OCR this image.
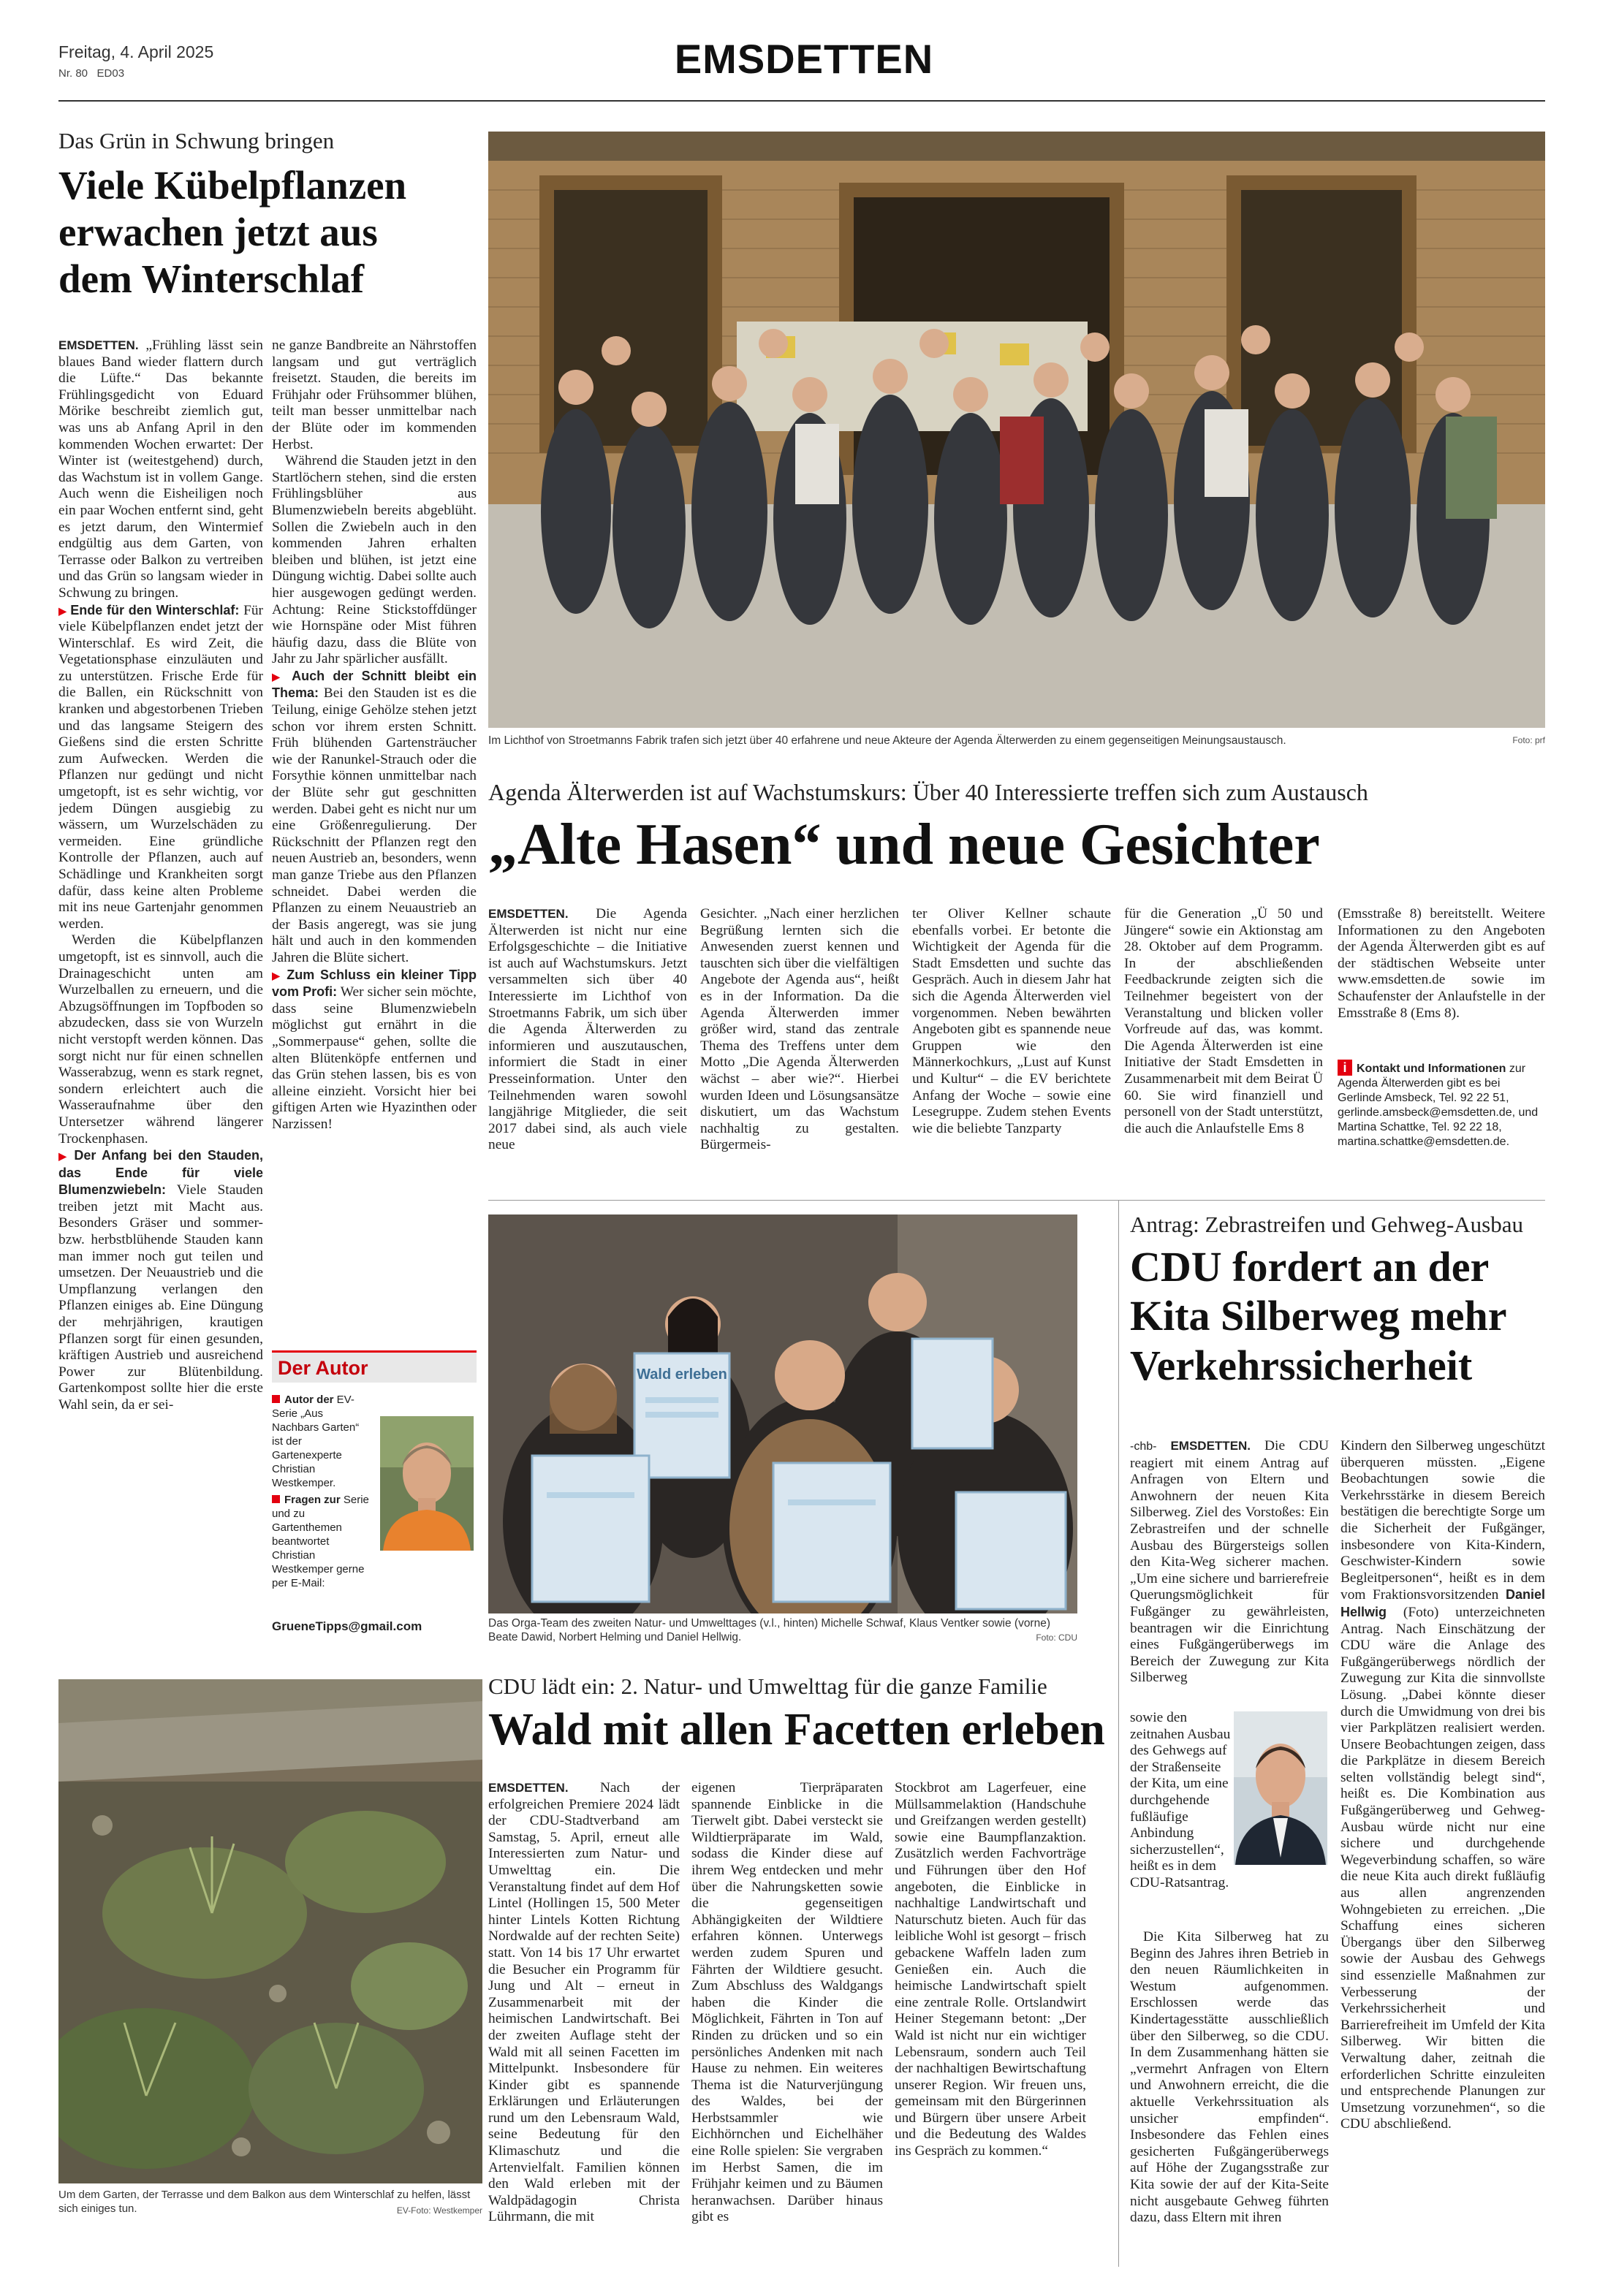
Freitag, 4. April 2025
Nr. 80 ED03	EMSDETTEN
Das Grün in Schwung bringen
Viele Kübelpflanzen
erwachen jetzt aus
dem Winterschlaf

EMSDETTEN. „Frühling lässt sein blaues Band wieder flattern durch die Lüfte.“ Das bekannte Frühlingsgedicht von Eduard Mörike beschreibt ziemlich gut, was uns ab Anfang April in den kommenden Wochen erwartet: Der Winter ist (weitestgehend) durch, das Wachstum ist in vollem Gange. Auch wenn die Eisheiligen noch ein paar Wochen entfernt sind, geht es jetzt darum, den Wintermief endgültig aus dem Garten, von Terrasse oder Balkon zu vertreiben und das Grün so langsam wieder in Schwung zu bringen.

▶ Ende für den Winterschlaf: Für viele Kübelpflanzen endet jetzt der Winterschlaf. Es wird Zeit, die Vegetationsphase einzuläuten und zu unterstützen. Frische Erde für die Ballen, ein Rückschnitt von kranken und abgestorbenen Trieben und das langsame Steigern des Gießens sind die ersten Schritte zum Aufwecken. Werden die Pflanzen nur gedüngt und nicht umgetopft, ist es sehr wichtig, vor jedem Düngen ausgiebig zu wässern, um Wurzelschäden zu vermeiden. Eine gründliche Kontrolle der Pflanzen, auch auf Schädlinge und Krankheiten sorgt dafür, dass keine alten Probleme mit ins neue Gartenjahr genommen werden.

Werden die Kübelpflanzen umgetopft, ist es sinnvoll, auch die Drainageschicht unten am Wurzelballen zu erneuern, und die Abzugsöffnungen im Topfboden so abzudecken, dass sie von Wurzeln nicht verstopft werden können. Das sorgt nicht nur für einen schnellen Wasserabzug, wenn es stark regnet, sondern erleichtert auch die Wasseraufnahme über den Untersetzer während längerer Trockenphasen.

▶ Der Anfang bei den Stauden, das Ende für viele Blumenzwiebeln: Viele Stauden treiben jetzt mit Macht aus. Besonders Gräser und sommer- bzw. herbstblühende Stauden kann man immer noch gut teilen und umsetzen. Der Neuaustrieb und die Umpflanzung verlangen den Pflanzen einiges ab. Eine Düngung der mehrjährigen, krautigen Pflanzen sorgt für einen gesunden, kräftigen Austrieb und ausreichend Power zur Blütenbildung. Gartenkompost sollte hier die erste Wahl sein, da er sei-

ne ganze Bandbreite an Nährstoffen langsam und gut verträglich freisetzt. Stauden, die bereits im Frühjahr oder Frühsommer blühen, teilt man besser unmittelbar nach der Blüte oder im kommenden Herbst.

Während die Stauden jetzt in den Startlöchern stehen, sind die ersten Frühlingsblüher aus Blumenzwiebeln bereits abgeblüht. Sollen die Zwiebeln auch in den kommenden Jahren erhalten bleiben und blühen, ist jetzt eine Düngung wichtig. Dabei sollte auch hier ausgewogen gedüngt werden. Achtung: Reine Stickstoffdünger wie Hornspäne oder Mist führen häufig dazu, dass die Blüte von Jahr zu Jahr spärlicher ausfällt.

▶ Auch der Schnitt bleibt ein Thema: Bei den Stauden ist es die Teilung, einige Gehölze stehen jetzt schon vor ihrem ersten Schnitt. Früh blühenden Gartensträucher wie der Ranunkel-Strauch oder die Forsythie können unmittelbar nach der Blüte sehr gut geschnitten werden. Dabei geht es nicht nur um eine Größenregulierung. Der Rückschnitt der Pflanzen regt den neuen Austrieb an, besonders, wenn man ganze Triebe aus den Pflanzen schneidet. Dabei werden die Pflanzen zu einem Neuaustrieb an der Basis angeregt, was sie jung hält und auch in den kommenden Jahren die Blüte sichert.

▶ Zum Schluss ein kleiner Tipp vom Profi: Wer sicher sein möchte, dass seine Blumenzwiebeln möglichst gut ernährt in die „Sommerpause“ gehen, sollte die alten Blütenköpfe entfernen und das Grün stehen lassen, bis es von alleine einzieht. Vorsicht hier bei giftigen Arten wie Hyazinthen oder Narzissen!

Der Autor
Autor der EV-Serie „Aus Nachbars Garten“ ist der Gartenexperte Christian Westkemper.
Fragen zur Serie und zu Gartenthemen beantwortet Christian Westkemper gerne per E-Mail:
GrueneTipps@gmail.com
Um dem Garten, der Terrasse und dem Balkon aus dem Winterschlaf zu helfen, lässt sich einiges tun.	EV-Foto: Westkemper
Im Lichthof von Stroetmanns Fabrik trafen sich jetzt über 40 erfahrene und neue Akteure der Agenda Älterwerden zu einem gegenseitigen Meinungsaustausch.	Foto: prf
Agenda Älterwerden ist auf Wachstumskurs: Über 40 Interessierte treffen sich zum Austausch
„Alte Hasen“ und neue Gesichter

EMSDETTEN. Die Agenda Älterwerden ist nicht nur eine Erfolgsgeschichte – die Initiative ist auch auf Wachstumskurs. Jetzt versammelten sich über 40 Interessierte im Lichthof von Stroetmanns Fabrik, um sich über die Agenda Älterwerden zu informieren und auszutauschen, informiert die Stadt in einer Presseinformation. Unter den Teilnehmenden waren sowohl langjährige Mitglieder, die seit 2017 dabei sind, als auch viele neue

Gesichter. „Nach einer herzlichen Begrüßung lernten sich die Anwesenden zuerst kennen und tauschten sich über die vielfältigen Angebote der Agenda aus“, heißt es in der Information. Da die Agenda Älterwerden immer größer wird, stand das zentrale Thema des Treffens unter dem Motto „Die Agenda Älterwerden wächst – aber wie?“. Hierbei wurden Ideen und Lösungsansätze diskutiert, um das Wachstum nachhaltig zu gestalten. Bürgermeis-

ter Oliver Kellner schaute ebenfalls vorbei. Er betonte die Wichtigkeit der Agenda für die Stadt Emsdetten und suchte das Gespräch. Auch in diesem Jahr hat sich die Agenda Älterwerden viel vorgenommen. Neben bewährten Angeboten gibt es spannende neue Gruppen wie den Männerkochkurs, „Lust auf Kunst und Kultur“ – die EV berichtete Anfang der Woche – sowie eine Lesegruppe. Zudem stehen Events wie die beliebte Tanzparty

für die Generation „Ü 50 und Jüngere“ sowie ein Aktionstag am 28. Oktober auf dem Programm. In der abschließenden Feedbackrunde zeigten sich die Teilnehmer begeistert von der Veranstaltung und blicken voller Vorfreude auf das, was kommt. Die Agenda Älterwerden ist eine Initiative der Stadt Emsdetten in Zusammenarbeit mit dem Beirat Ü 60. Sie wird finanziell und personell von der Stadt unterstützt, die auch die Anlaufstelle Ems 8

(Emsstraße 8) bereitstellt. Weitere Informationen zu den Angeboten der Agenda Älterwerden gibt es auf der städtischen Webseite unter www.emsdetten.de sowie im Schaufenster der Anlaufstelle in der Emsstraße 8 (Ems 8).

i Kontakt und Informationen zur Agenda Älterwerden gibt es bei Gerlinde Amsbeck, Tel. 92 22 51, gerlinde.amsbeck@emsdetten.de, und Martina Schattke, Tel. 92 22 18, martina.schattke@emsdetten.de.
Wald erleben
Das Orga-Team des zweiten Natur- und Umwelttages (v.l., hinten) Michelle Schwaf, Klaus Ventker sowie (vorne) Beate Dawid, Norbert Helming und Daniel Hellwig.	Foto: CDU
CDU lädt ein: 2. Natur- und Umwelttag für die ganze Familie
Wald mit allen Facetten erleben

EMSDETTEN. Nach der erfolgreichen Premiere 2024 lädt der CDU-Stadtverband am Samstag, 5. April, erneut alle Interessierten zum Natur- und Umwelttag ein. Die Veranstaltung findet auf dem Hof Lintel (Hollingen 15, 500 Meter hinter Lintels Kotten Richtung Nordwalde auf der rechten Seite) statt. Von 14 bis 17 Uhr erwartet die Besucher ein Programm für Jung und Alt – erneut in Zusammenarbeit mit der heimischen Landwirtschaft. Bei der zweiten Auflage steht der Wald mit all seinen Facetten im Mittelpunkt. Insbesondere für Kinder gibt es spannende Erklärungen und Erläuterungen rund um den Lebensraum Wald, seine Bedeutung für den Klimaschutz und die Artenvielfalt. Familien können den Wald erleben mit der Waldpädagogin Christa Lührmann, die mit

eigenen Tierpräparaten spannende Einblicke in die Tierwelt gibt. Dabei versteckt sie Wildtierpräparate im Wald, sodass die Kinder diese auf ihrem Weg entdecken und mehr über die Nahrungsketten sowie die gegenseitigen Abhängigkeiten der Wildtiere erfahren können. Unterwegs werden zudem Spuren und Fährten der Wildtiere gesucht. Zum Abschluss des Waldgangs haben die Kinder die Möglichkeit, Fährten in Ton auf Rinden zu drücken und so ein persönliches Andenken mit nach Hause zu nehmen. Ein weiteres Thema ist die Naturverjüngung des Waldes, bei der Herbstsammler wie Eichhörnchen und Eichelhäher eine Rolle spielen: Sie vergraben im Herbst Samen, die im Frühjahr keimen und zu Bäumen heranwachsen. Darüber hinaus gibt es

Stockbrot am Lagerfeuer, eine Müllsammelaktion (Handschuhe und Greifzangen werden gestellt) sowie eine Baumpflanzaktion. Zusätzlich werden Fachvorträge und Führungen über den Hof angeboten, die Einblicke in nachhaltige Landwirtschaft und Naturschutz bieten. Auch für das leibliche Wohl ist gesorgt – frisch gebackene Waffeln laden zum Genießen ein. Auch die heimische Landwirtschaft spielt eine zentrale Rolle. Ortslandwirt Heiner Stegemann betont: „Der Wald ist nicht nur ein wichtiger Lebensraum, sondern auch Teil der nachhaltigen Bewirtschaftung unserer Region. Wir freuen uns, gemeinsam mit den Bürgerinnen und Bürgern über unsere Arbeit und die Bedeutung des Waldes ins Gespräch zu kommen.“

Antrag: Zebrastreifen und Gehweg-Ausbau
CDU fordert an der
Kita Silberweg mehr
Verkehrssicherheit

-chb- EMSDETTEN. Die CDU reagiert mit einem Antrag auf Anfragen von Eltern und Anwohnern der neuen Kita Silberweg. Ziel des Vorstoßes: Ein Zebrastreifen und der schnelle Ausbau des Bürgersteigs sollen den Kita-Weg sicherer machen. „Um eine sichere und barrierefreie Querungsmöglichkeit für Fußgänger zu gewährleisten, beantragen wir die Einrichtung eines Fußgängerüberwegs im Bereich der Zuwegung zur Kita Silberweg

sowie den zeitnahen Ausbau des Gehwegs auf der Straßenseite der Kita, um eine durchgehende fußläufige Anbindung sicherzustellen“, heißt es in dem CDU-Ratsantrag.

Die Kita Silberweg hat zu Beginn des Jahres ihren Betrieb in den neuen Räumlichkeiten in Westum aufgenommen. Erschlossen werde das Kindertagesstätte ausschließlich über den Silberweg, so die CDU. In dem Zusammenhang hätten sie „vermehrt Anfragen von Eltern und Anwohnern erreicht, die die aktuelle Verkehrssituation als unsicher empfinden“. Insbesondere das Fehlen eines gesicherten Fußgängerüberwegs auf Höhe der Zugangsstraße zur Kita sowie der auf der Kita-Seite nicht ausgebaute Gehweg führten dazu, dass Eltern mit ihren

Kindern den Silberweg ungeschützt überqueren müssten. „Eigene Beobachtungen sowie die Verkehrsstärke in diesem Bereich bestätigen die berechtigte Sorge um die Sicherheit der Fußgänger, insbesondere von Kita-Kindern, Geschwister-Kindern sowie Begleitpersonen“, heißt es in dem vom Fraktionsvorsitzenden Daniel Hellwig (Foto) unterzeichneten Antrag. Nach Einschätzung der CDU wäre die Anlage des Fußgängerüberwegs nördlich der Zuwegung zur Kita die sinnvollste Lösung. „Dabei könnte dieser durch die Umwidmung von drei bis vier Parkplätzen realisiert werden. Unsere Beobachtungen zeigen, dass die Parkplätze in diesem Bereich selten vollständig belegt sind“, heißt es. Die Kombination aus Fußgängerüberweg und Gehweg-Ausbau würde nicht nur eine sichere und durchgehende Wegeverbindung schaffen, so wäre die neue Kita auch direkt fußläufig aus allen angrenzenden Wohngebieten zu erreichen. „Die Schaffung eines sicheren Übergangs über den Silberweg sowie der Ausbau des Gehwegs sind essenzielle Maßnahmen zur Verbesserung der Verkehrssicherheit und Barrierefreiheit im Umfeld der Kita Silberweg. Wir bitten die Verwaltung daher, zeitnah die erforderlichen Schritte einzuleiten und entsprechende Planungen zur Umsetzung vorzunehmen“, so die CDU abschließend.
